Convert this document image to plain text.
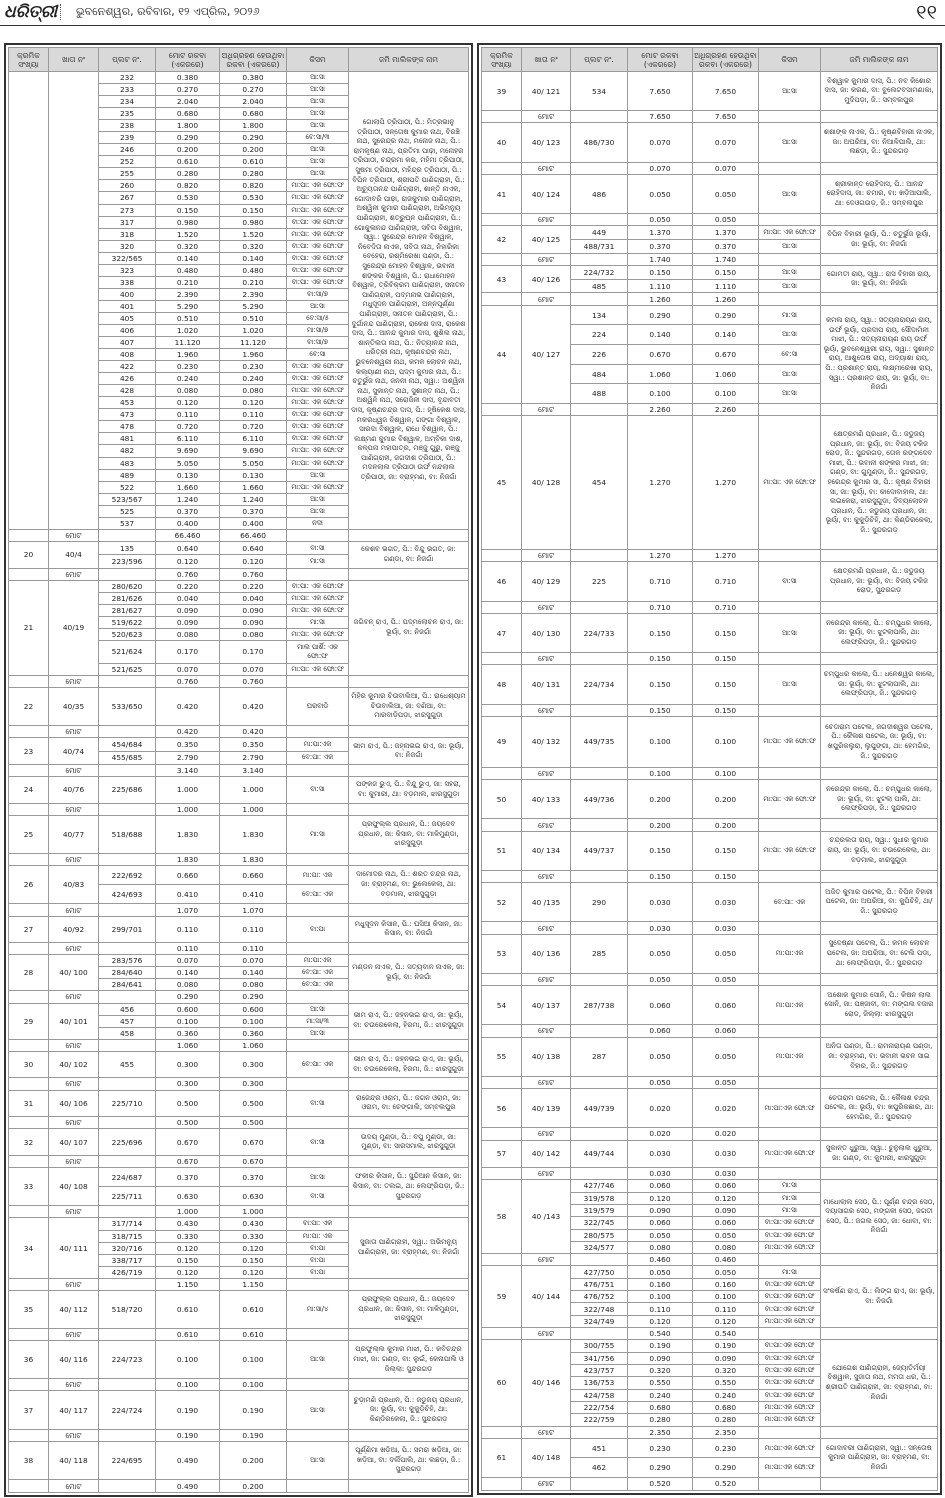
ଧରିତ୍ରୀ ଭୁବନେଶ୍ୱର, ରବିବାର, ୧୨ ଏପ୍ରିଲ, ୨୦୨୬	୧୧
କ୍ରମିକ ସଂଖ୍ୟା	ଖାତା ନଂ	ପ୍ଲଟ ନଂ.	ମୋଟ ରକବା (ଏକରରେ)	ଅଧିଗ୍ରହଣ ହେଉଥିବା ରକବା (ଏକରରେ)	କିସମ	ଜମି ମାଲିକଙ୍କ ନାମ
		232	0.380	0.380	ଆ:ସା	ଗୋଲାପି ତ୍ରିପାଠୀ, ପି.: ମିତ୍ରଭାନୁ ତ୍ରିପାଠୀ, ସନ୍ତୋଷ କୁମାର ନାଥ, ବିରଞ୍ଚି ନାଥ, ସୁରେନ୍ଦ୍ର ନାଥ, ମନୋଜ ନାଥ, ପି.: ରାମକୃଷ୍ଣ ନାଥ, ପ୍ରତିମା ପାଢ଼ୀ, ମନୋହର ତ୍ରିପାଠୀ, ଚନ୍ଦ୍ରମା କର, ମହିମା ତ୍ରିପାଠୀ, ସୁଷମା ତ୍ରିପାଠୀ, ମହିନ୍ଦ୍ର ତ୍ରିପାଠୀ, ପି.: ବିପିନ ତ୍ରିପାଠୀ, ଶ୍ରୀପତି ପାଣିଗ୍ରାହୀ, ପି.: ଅଚ୍ୟୁତାନନ୍ଦ ପାଣିଗ୍ରାହୀ, ଶାନ୍ତି ନାଏକ, ଗୋଦାବରି ପାଢ଼ୀ, ରାଜକୁମାର ପାଣିଗ୍ରାହୀ, ଅଶ୍ୱିନୀ କୁମାର ପାଣିଗ୍ରାହୀ, ଅଭିମନ୍ୟୁ ପାଣିଗ୍ରାହୀ, ଶତ୍ରୁଘ୍ନ ପାଣିଗ୍ରାହୀ, ପି.: ଗୋକୁଳାନନ୍ଦ ପାଣିଗ୍ରାହୀ, ସବିତା ବିଶ୍ୱାଳ, ସ୍ୱା.: ସୁରେନ୍ଦ୍ର ମୋହନ ବିଶ୍ୱାଳ, ନିବେଦିତା ନାଏକ, ସବିତା ନାଥ, ନିହାରିକା ବେହେରା, ରଶ୍ମିରେଖା ପଣ୍ଡା, ପି.: ସୁରେନ୍ଦ୍ର ମୋହନ ବିଶ୍ୱାଳ, ଭବାନୀ ଶଙ୍କର ବିଶ୍ୱାଳ, ପି.: ରାଧାମୋହନ ବିଶ୍ୱାଳ, ତ୍ରିବିକ୍ରମ ପାଣିଗ୍ରାହୀ, ସନାତନ ପାଣିଗ୍ରାହୀ, ପଦ୍ମନାଭ ପାଣିଗ୍ରାହୀ, ମଧୁସୂଦନ ପାଣିଗ୍ରାହୀ, ଅନ୍ନପୂର୍ଣ୍ଣା ପାଣିଗ୍ରାହୀ, ସନାତନ ପାଣିଗ୍ରାହୀ, ପି.: ଦୁର୍ଗାନନ୍ଦ ପାଣିଗ୍ରାହୀ, ରାକେଶ ଦାସ, ରାକେଶ ଦାସ, ପି.: ଆନନ୍ଦ କୁମାର ଦାସ, ଶୁଶିଲ ନାଥ, ଶାନ୍ତିଲତା ନାଥ, ପି.: ନିତ୍ୟାନନ୍ଦ ନାଥ, ଧରିତ୍ରୀ ନାଥ, କୃଷ୍ଣଚନ୍ଦ୍ର ନାଥ, ଭୁବନେଶ୍ୱରୀ ନାଥ, କମଳ ଲୋଚନ ନାଥ, କଲ୍ୟାଣୀ ନାଥ, ପଦ୍ମ କୁମାର ନାଥ, ପି.: ଚତୁର୍ଭୁଜ ନାଥ, ଜନନୀ ନାଥ, ସ୍ୱା.: ଅଶ୍ୱିନୀ ନାଥ, ସୁକାନ୍ତ ନାଥ, ସୁଶାନ୍ତ ନାଥ, ପି.: ଅଶ୍ୱିନି ନାଥ, ସରୋଜିନୀ ଦାସ, ବୃନ୍ଦାବତୀ ଦାସ, କୃଷ୍ଣଚନ୍ଦ୍ର ଦାସ, ପି.: ହୃଷିକେଶ ଦାସ, ମକରଧ୍ୱଜ ବିଶ୍ୱାଳ, ଗଙ୍ଗା ବିଶ୍ୱାଳ, ସାରଦା ବିଶ୍ୱାଳ, ରାଧେ ବିଶ୍ୱାଳ, ପି.: ଲକ୍ଷ୍ମଣ କୁମାର ବିଶ୍ୱାଳ, ଅମ୍ବିକା ଦାଶ, କଳ୍ପନା ମହାପାତ୍ର, ମଞ୍ଜୁ ଗୁରୁ, ରଞ୍ଜୁ ପାଣିଗ୍ରାହୀ, ଜଗଦୀଶ ତ୍ରିପାଠୀ, ପି.: ମଦନଲାଲ ତ୍ରିପାଠୀ ଉର୍ଫ ନନ୍ଦଲାଲ ତ୍ରିପାଠୀ, ଜା: ବ୍ରାହ୍ମଣ, ବା: ନିଜଗାଁ
		233	0.270	0.270	ଆ:ସା	
		234	2.040	2.040	ଆ:ସା	
		235	0.680	0.680	ଆ:ସା	
		238	1.800	1.800	ଆ:ସା	
		239	0.290	0.290	ବେ:ସା/୩	
		246	0.200	0.200	ଆ:ସା	
		252	0.610	0.610	ଆ:ସା	
		255	0.280	0.280	ଆ:ସା	
		260	0.820	0.820	ମା:ପା: ଏକ ଫୋ:ଫ	
		267	0.530	0.530	ମା:ପା: ଏକ ଫୋ:ଫ	
		273	0.150	0.150	ମା:ପା: ଏକ ଫୋ:ଫ	
		317	0.980	0.980	ବା:ପା: ଏକ ଫୋ:ଫ	
		318	1.520	1.520	ମା:ପା: ଏକ ଫୋ:ଫ	
		320	0.320	0.320	ବା:ପା: ଏକ ଫୋ:ଫ	
		322/565	0.140	0.140	ବା:ପା: ଏକ ଫୋ:ଫ	
		323	0.480	0.480	ବା:ପା: ଏକ ଫୋ:ଫ	
		338	0.210	0.210	ବା:ପା: ଏକ ଫୋ:ଫ	
		400	2.390	2.390	ବା:ସା/୭	
		401	5.290	5.290	ଆ:ସା	
		405	0.510	0.510	ବେ:ସା/୫	
		406	1.020	1.020	ମା:ସା/୭	
		407	11.120	11.120	ବା:ସା/୭	
		408	1.960	1.960	ବେ:ସା	
		422	0.230	0.230	ବା:ପା: ଏକ ଫୋ:ଫ	
		426	0.240	0.240	ବା:ପା: ଏକ ଫୋ:ଫ	
		428	0.080	0.080	ମା:ପା: ଏକ ଫୋ:ଫ	
		453	0.120	0.120	ମା:ପା: ଏକ ଫୋ:ଫ	
		473	0.110	0.110	ବା:ପା: ଏକ ଫୋ:ଫ	
		478	0.720	0.720	ବା:ପା: ଏକ ଫୋ:ଫ	
		481	6.110	6.110	ବା:ପା: ଏକ ଫୋ:ଫ	
		482	9.690	9.690	ମା:ପା: ଏକ ଫୋ:ଫ	
		483	5.050	5.050	ମା:ପା: ଏକ ଫୋ:ଫ	
		489	0.130	0.130	ଆ:ସା	
		522	1.660	1.660	ମା:ପା: ଏକ ଫୋ:ଫ	
		523/567	1.240	1.240	ଆ:ସା	
		525	0.370	0.370	ଆ:ସା	
		537	0.400	0.400	ନଦୀ	
	ମୋଟ		66.460	66.460		
20	40/4	135	0.640	0.640	ବା:ସା	କେଶବ ଭଗତ, ପି.: ବିନ୍ଦୁ ଭଗତ, ଜା: ଗଣ୍ଡା, ବା: ନିଜଗାଁ
		223/596	0.120	0.120	ମା:ସା	
	ମୋଟ		0.760	0.760		
21	40/19	280/620	0.220	0.220	ବା:ପା: ଏକ ଫୋ:ଫ	ଜଗିବନ୍ ରାଏ, ପି.: ପଦ୍ମଲୋଚନ ରାଏ, ଜା: ଭୂୟାଁ, ବା: ନିଜଗାଁ
		281/626	0.040	0.040	ମା:ପା: ଏକ ଫୋ:ଫ	
		281/627	0.090	0.090	ମା:ପା: ଏକ ଫୋ:ଫ	
		519/622	0.090	0.090	ମା:ସା	
		520/623	0.080	0.080	ମା:ପା: ଏକ ଫୋ:ଫ	
		521/624	0.170	0.170	ମାଲ ପାର୍ଶି: ଏକ ଫୋ:ଫ	
		521/625	0.070	0.070	ମା:ପା: ଏକ ଫୋ:ଫ	
	ମୋଟ		0.760	0.760		
22	40/35	533/650	0.420	0.420	ଘରବାଡି	ମିହିର କୁମାର ଚିଉବାଲିଆ, ପି.: ରାଧେଶ୍ୟାମ ଚିଉବାଲିଆ, ଜା: ବଣିଆ, ବା: ମାରବାଡ଼ିପଡ଼ା, ଝାରସୁଗୁଡ଼ା
	ମୋଟ		0.420	0.420		
23	40/74	454/684	0.350	0.350	ମା:ପା:ଏକ	ଭୀମ ରାଏ, ପି.: ଜହ୍ନାଭଇ ରାଏ, ଜା: ଭୂୟାଁ, ବା: ନିଜଗାଁ
		455/685	2.790	2.790	ବେ:ପା: ଏକ	
	ମୋଟ		3.140	3.140		
24	40/76	225/686	1.000	1.000	ବା:ସା	ପଙ୍କଜ ଭୁଏ, ପି.: ବିନ୍ଦୁ ଭୁଏ, ଜା: ସହରା, ବା: କୁମାରୀ, ଥା: ବଡ଼ମାଲ, ଝାରସୁଗୁଡ଼ା
	ମୋଟ		1.000	1.000		
25	40/77	518/688	1.830	1.830	ମା:ସା	ପ୍ରଫୁଲ୍ଲ ପ୍ରଧାନ, ପି.: ଜୟଦେବ ପ୍ରଧାନ, ଜା: କିସାନ, ବା: ମାଳିମୁଣ୍ଡା, ଝାରସୁଗୁଡ଼ା
	ମୋଟ		1.830	1.830		
26	40/83	222/692	0.660	0.660	ମା:ପା: ଏକ	ଦାମୋଦର ନାଥ, ପି.: ଶରତ ଚନ୍ଦ୍ର ନାଥ, ଜା: ବ୍ରାହ୍ମଣ, ବା: ଭୁଲେକେଲା, ଥା: ବଡ଼ମାଲ, ଝାରସୁଗୁଡ଼ା
		424/693	0.410	0.410	ବେ:ପା: ଏକ	
	ମୋଟ		1.070	1.070		
27	40/92	299/701	0.110	0.110	ବା:ପା	ମଧୁସୂଦନ କିସାନ, ପି.: ଘସିଆ କିସାନ, ଜା: କିସାନ, ବା: ନିଜଗାଁ
	ମୋଟ		0.110	0.110		
28	40/ 100	283/576	0.070	0.070	ମା:ପା:ଏକ	ମଣ୍ଡନ ନାଏକ, ପି.: ସତ୍ୟବାନ ନାଏକ, ଜା: ଭୂୟାଁ, ବା: ନିଜଗାଁ
		284/640	0.140	0.140	ବେ:ପା: ଏକ	
		284/641	0.080	0.080	ବେ:ପା: ଏକ	
	ମୋଟ		0.290	0.290		
29	40/ 101	456	0.600	0.600	ଆ:ସା	ଭୀମ ରାଏ, ପି.: ଜହ୍ନଭଇ ରାଏ, ଜା: ଭୂୟାଁ, ବା: ଚଉରେକେଲା, ହିରମା, ଜି.: ଝାରସୁଗୁଡ଼ା
		457	0.100	0.100	ମା:ସା/୩	
		458	0.360	0.360	ଆ:ସା	
	ମୋଟ		1.060	1.060		
30	40/ 102	455	0.300	0.300	ବେ:ପା: ଏକ	ଭୀମ ରାଏ, ପି.: ଜହ୍ନଭଇ ରାଏ, ଜା: ଭୂୟାଁ, ବା: ଚଉରେକେଲା, ହିରମା, ଜି.: ଝାରସୁଗୁଡ଼ା
	ମୋଟ		0.300	0.300		
31	40/ 106	225/710	0.500	0.500	ବା:ସା	ରାଜେନ୍ଦ୍ର ଓରାମ, ପି.: ଜଗନ ଓରାମ, ଜା: ଓରାମ, ବା: ଚେଙ୍ଗାଲି, ସମ୍ବଲପୁର
	ମୋଟ		0.500	0.500		
32	40/ 107	225/696	0.670	0.670	ବା:ସା	ଉଦୟ ମୁଣ୍ଡା, ପି.: ବପୁ ମୁଣ୍ଡା, ଜା: ମୁଣ୍ଡା, ବା: ସାରସମାଲ, ଝାରସୁଗୁଡ଼ା
	ମୋଟ		0.670	0.670		
33	40/ 108	224/687	0.370	0.370	ଆ:ସା	ଫକୀର କିସାନ, ପି.: ସୁନ୍ଦିଆନ କିସାନ, ଜା: କିସାନ, ବା: ତଲଇ, ଥା: ଲେଫ୍ରିପଡ଼ା, ଜି.: ସୁନ୍ଦରଗଡ଼
		225/711	0.630	0.630	ବା:ସା	
	ମୋଟ		1.000	1.000		
34	40/ 111	317/714	0.430	0.430	ବା:ପା: ଏକ	ସୁଜାତା ପାଣିଗ୍ରାହୀ, ସ୍ୱା.: ଅଭିମନ୍ୟୁ ପାଣିଗ୍ରାହୀ, ଜା: ବ୍ରାହ୍ମଣ, ବା: ନିଜଗାଁ
		318/715	0.330	0.330	ମା:ପା: ଏକ	
		320/716	0.120	0.120	ବା:ପା	
		338/717	0.150	0.150	ବା:ପା	
		426/719	0.120	0.120	ବା:ପା	
	ମୋଟ		1.150	1.150		
35	40/ 112	518/720	0.610	0.610	ମା:ସା/୪	ପ୍ରଫୁଲ୍ଲ ପ୍ରଧାନ, ପି.: ଜୟଦେବ ପ୍ରଧାନ, ଜା: କିସାନ, ବା: ମାଳିମୁଣ୍ଡା, ଝାରସୁଗୁଡ଼ା
	ମୋଟ		0.610	0.610		
36	40/ 116	224/723	0.100	0.100	ଆ:ସା	ପ୍ରଫୁଲ୍ଲ କୁମାର ମାଝୀ, ପି.: କବିଚନ୍ଦ୍ର ମାଝୀ, ଜା: ଗଣ୍ଡ, ବା: ଲୁଇଁ, କେନାପାଲି ଓ ଜିଲ୍ଲା: ସୁନ୍ଦରଗଡ଼
	ମୋଟ		0.100	0.100		
37	40/ 117	224/724	0.190	0.190	ଆ:ସା	ଚୁଡ଼ାମଣି ପ୍ରଧାନ, ପି.: ଜଡୁଜୟ ପ୍ରଧାନ, ଜା: ଭୂୟାଁ, ବା: କୁକୁଡ଼ିଚିହି, ଥା: କିଣ୍ଡିରକେଲା, ଜି.: ସୁନ୍ଦରଗଡ଼
	ମୋଟ		0.190	0.190		
38	40/ 118	224/695	0.490	0.200	ଆ:ସା	ପୂର୍ଣ୍ଣିମା ଖଡ଼ିଆ, ପି.: ସମରା ଖଡ଼ିଆ, ଜା: ଖଡ଼ିଆ, ବା: ଦର୍ଲିପାଲି, ଥା: ଲଛଡ଼ା, ଜି.: ସୁନ୍ଦରଗଡ଼
	ମୋଟ		0.490	0.200		
କ୍ରମିକ ସଂଖ୍ୟା	ଖାତା ନଂ	ପ୍ଲଟ ନଂ.	ମୋଟ ରକବା (ଏକରରେ)	ଅଧିଗ୍ରହଣ ହେଉଥିବା ରକବା (ଏକରରେ)	କିସମ	ଜମି ମାଲିକଙ୍କ ନାମ
39	40/ 121	534	7.650	7.650	ଆ:ସା	ବିଶ୍ୱାଳ କୁମାର ଦାସ, ପି.: ନବ କିଶୋର ଦାସ, ଜା: କରଣ, ବା: ବୁଲେଟବସାମଣାକା, ମୁଦିପଡ଼ା, ଜି.: ସମ୍ବଲପୁର
	ମୋଟ		7.650	7.650		
40	40/ 123	486/730	0.070	0.070	ଆ:ସା	ଶଶାଙ୍କ ନାଏକ, ପି.: କୃଷ୍ଣବିହାରୀ ନାଏକ, ଜା: ଅଘରିଆ, ବା: ନିଆଳିପାଲି, ଥା: ଲଛଡ଼ା, ଜି.: ସୁନ୍ଦରଗଡ଼
	ମୋଟ		0.070	0.070		
41	40/ 124	486	0.050	0.050	ଆ:ସା	ଶ୍ରୀକାନ୍ତ ରୋହିଦାସ, ପି.: ଆନନ୍ଦ ରୋହିଦାସ, ଜା: ଚମାର, ବା: ଖଡ଼ିଆପାଲି, ଥା: ଦେଓଗଉଡ଼, ଜି.: ସମ୍ବଲପୁର
	ମୋଟ		0.050	0.050		
42	40/ 125	449	1.370	1.370	ମା:ପା: ଏକ ଫୋ:ଫ	ବିପିନ ବିହାରୀ ଭୂୟାଁ, ପି.: ଚତୁର୍ଭୁଜ ଭୂୟାଁ, ଜା: ଭୂୟାଁ, ବା: ନିଜଗାଁ
		488/731	0.370	0.370	ଆ:ସା	
	ମୋଟ		1.740	1.740		
43	40/ 126	224/732	0.150	0.150	ଆ:ସା	ଗୋମତୀ ରାୟ, ସ୍ୱା.: ରାସ ବିହାରୀ ରାୟ, ଜା: ଭୂୟାଁ, ବା: ନିଜଗାଁ
		485	1.110	1.110	ଆ:ସା	
	ମୋଟ		1.260	1.260		
44	40/ 127	134	0.290	0.290	ମା:ସା	କମଳା ରାୟ, ସ୍ୱା.: ସତ୍ୟନାରାୟଣ ରାୟ, ଉର୍ଫ ଭୂୟାଁ, ପ୍ରଦୀପ ରାୟ, ସୌଦାମିନୀ ମାଝୀ, ପି.: ସତ୍ୟନାରାୟଣ ରାୟ ଉର୍ଫ ଭୂୟାଁ, ଭୁବନେଶ୍ୱରୀ ରାୟ, ସ୍ୱା.: ସୁଶାନ୍ତ ରାୟ, ଆଶୁତୋଷ ରାୟ, ଅଦ୍ୟାଶା ରାୟ, ପି.: ପ୍ରଶାନ୍ତ ରାୟ, ଲକ୍ଷ୍ମୀରେଖା ରାୟ, ସ୍ୱା.: ପ୍ରଶାନ୍ତ ରାୟ, ଜା: ଭୂୟାଁ, ବା: ନିଜଗାଁ
		224	0.140	0.140	ଆ:ସା	
		226	0.670	0.670	ବେ:ସା	
		484	1.060	1.060	ଆ:ସା	
		488	0.100	0.100	ଆ:ସା	
	ମୋଟ		2.260	2.260		
45	40/ 128	454	1.270	1.270	ମା:ପା: ଏକ ଫୋ:ଫ	କ୍ଷେତ୍ରମଣି ପ୍ରଧାନ, ପି.: ଜଡୁଜୟ ପ୍ରଧାନ, ଜା: ଭୂୟାଁ, ବା: ବିଜୟ ଟକିଜ ରୋଡ, ଜି.: ସୁନ୍ଦରଗଡ଼, ତୋଳ ରଙ୍ଗଦେବ ମାଝୀ, ପି.: ଭବାନୀ ଶଙ୍କର ମାଝୀ, ଜା: ଗଣ୍ଡ, ବା: ଗୁମୁଣ୍ଡା, ଜି.: ସୁନ୍ଦରଗଡ଼, ହରେନ୍ଦ୍ର କୁମାର ସା, ପି.: କୃଷ୍ଣ ବିହାରୀ ସା, ଜା: ଭୂୟାଁ, ବା: କାଦୋବାହାଲ, ଥା: ଲଇକେରା, ଝାରସୁଗୁଡ଼ା, ଦିବ୍ୟଲୋଚନ ପ୍ରଧାନ, ପି.: ଜଡୁଜୟ ପ୍ରଧାନ, ଜା: ଭୂୟାଁ, ବା: କୁକୁଡ଼ିଚିହି, ଥା: କିଣ୍ଡିରକେଲା, ଜି.: ସୁନ୍ଦରଗଡ଼
	ମୋଟ		1.270	1.270		
46	40/ 129	225	0.710	0.710	ବା:ସା	କ୍ଷେତ୍ରମଣି ପ୍ରଧାନ, ପି.: ଜଡୁଜୟ ପ୍ରଧାନ, ଜା: ଭୂୟାଁ, ବା: ବିଜୟ ଟକିଜ ରୋଡ, ସୁନ୍ଦରଗଡ଼
	ମୋଟ		0.710	0.710		
47	40/ 130	224/733	0.150	0.150	ଆ:ସା	ନରେନ୍ଦ୍ର କାଲୋ, ପି.: ଚମ୍ପୁଧର କାଲୋ, ଜା: ଭୂୟାଁ, ବା: ଝୁଟଲାପାଲି, ଥା: ଲେଫ୍ରିପଡ଼ା, ଜି.: ସୁନ୍ଦରଗଡ଼
	ମୋଟ		0.150	0.150		
48	40/ 131	224/734	0.150	0.150	ଆ:ସା	ଚମ୍ପୁଧର କାଲୋ, ପି.: ଧନେଶ୍ୱର କାଲୋ, ଜା: ଭୂୟାଁ, ବା: ଝୁଟଲାପାଲି, ଥା: ଲେଫ୍ରିପଡ଼ା, ଜି.: ସୁନ୍ଦରଗଡ଼
	ମୋଟ		0.150	0.150		
49	40/ 132	449/735	0.100	0.100	ମା:ପା: ଏକ ଫୋ:ଫ	ଚେତାରାମ ପଟେଲ, ଜଗଦୀଶ୍ୱର ପଟେଲ, ପି.: କୈଳାଶ ପଟେଲ, ଜା: ଭୂୟାଁ, ବା: ଖପୁରିକଲୁରା, ଲୁପୁଙ୍ଗା, ଥା: ହେମଗିର, ଜି.: ସୁନ୍ଦରଗଡ଼
	ମୋଟ		0.100	0.100		
50	40/ 133	449/736	0.200	0.200	ମା:ପା: ଏକ ଫୋ:ଫ	ନରେନ୍ଦ୍ର କାଲୋ, ପି.: ଚମ୍ପୁଧର କାଲୋ, ଜା: ଭୂୟାଁ, ବା: ଝୁଟଲା ପାଲି, ଥା: ଲେଫ୍ରିପଡ଼ା, ଜି.: ସୁନ୍ଦରଗଡ଼
	ମୋଟ		0.200	0.200		
51	40/ 134	449/737	0.150	0.150	ମା:ପା: ଏକ ଫୋ:ଫ	ଚନ୍ଦ୍ରଲତା ରାୟ, ସ୍ୱା.: ସୁଧୀର କୁମାର ରାୟ, ଜା: ଭୂୟାଁ, ବା: ଚଉରେକେଲା, ଥା: ବଡ଼ମାଲ, ଝାରସୁଗୁଡ଼ା
	ମୋଟ		0.150	0.150		
52	40 /135	290	0.030	0.030	ବେ:ପା: ଏକ	ଅଜିତ କୁମାର ପଟେଲ, ପି.: ବିପିନ ବିହାରୀ ପଟେଲ, ଜା: ଅଘରିଆ, ବା: କୁପିଚିହି, ଥା/ଜି.: ସୁନ୍ଦରଗଡ଼
	ମୋଟ		0.030	0.030		
53	40/ 136	285	0.050	0.050	ମା:ପା:ଏକ	ସୁଦେଷ୍ଣା ପଟେଲ, ପି.: କମଳ ଲୋଚନ ପଟେଲ, ଜା: ଅଘରିଆ, ବା: ଟେଲି ପଡ଼ା, ଥା: ଲେଫ୍ରିପଡ଼ା, ଜି.: ସୁନ୍ଦରଗଡ଼
	ମୋଟ		0.050	0.050		
54	40/ 137	287/738	0.060	0.060	ମା:ପା:ଏକ	ଅଶୋକ କୁମାର ସୋନି, ପି.: କିଷନ ଲାଲ ସୋନି, ଜା: ପଞ୍ଜାବୀ, ବା: ମଙ୍ଗଲ ବଜାର ରୋଡ, ଜିଲ୍ଲା: ଝାରସୁଗୁଡ଼ା
	ମୋଟ		0.060	0.060		
55	40/ 138	287	0.050	0.050	ମା:ପା:ଏକ	ଅନିତା ପଣ୍ଡା, ପି.: ରାମନାରାୟଣ ପଣ୍ଡା, ଜା: ବ୍ରାହ୍ମଣ, ବା: ଭବାନୀ ଭବନ ସାଇ ବିହାର, ଜି.: ସୁନ୍ଦରଗଡ଼
	ମୋଟ		0.050	0.050		
56	40/ 139	449/739	0.020	0.020	ମା:ପା:ଏକ ଫୋ:ଫ	ଚେତାରାମ ପଟେଲ, ପି.: କୈଳାଶ ଚନ୍ଦ୍ର ପଟେଲ, ଜା: ଭୂୟାଁ, ବା: ଖପୁରିକଛାର, ଥା: ହେମଗିର, ଜି.: ସୁନ୍ଦରଗଡ଼
	ମୋଟ		0.020	0.020		
57	40/ 142	449/744	0.030	0.030	ମା:ପା:ଏକ ଫୋ:ଫ	ସୁକାନ୍ତ ଧୁରୁଆ, ସ୍ୱା.: ଚୁନୁଲାଲ ଧୁରୁଆ, ଜା: ଗଣ୍ଡ, ବା: କୁମାରୀ, ଝାରସୁଗୁଡ଼ା
	ମୋଟ		0.030	0.030		
58	40 /143	427/746	0.060	0.060	ମା:ସା	ମାଧୋଲାଲ ସେଠ, ପି.: ପୂର୍ଣ୍ଣ ଚନ୍ଦ୍ର ସେଠ, ଦୟାସାଗର ସେଠ, ମଙ୍ଗଳୀ ସେଠ, ଜଗତୀ ସେଠ, ପି.: ଜଗଲ ସେଠ, ଜା: ଧୋବା, ବା: ନିଜଗାଁ
		319/578	0.120	0.120	ମା:ସା	
		319/579	0.090	0.090	ମା:ସା	
		322/745	0.060	0.060	ବା:ପା:ଏକ ଫୋ:ଫ	
		280/575	0.050	0.050	ବା:ପା:ଏକ ଫୋ:ଫ	
		324/577	0.080	0.080	ମା:ପା:ଏକ ଫୋ:ଫ	
	ମୋଟ		0.460	0.460		
59	40/ 144	427/750	0.050	0.050	ମା:ସା	ସଂକର୍ଷଣ ରାଏ, ପି.: ଲିଙ୍ଗ ରାଏ, ଜା: ଭୂୟାଁ, ବା: ନିଜଗାଁ
		476/751	0.160	0.160	ବା:ପା:ଏକ ଫୋ:ଫ	
		476/752	0.100	0.100	ବା:ପା:ଏକ ଫୋ:ଫ	
		322/748	0.110	0.110	ବା:ପା:ଏକ ଫୋ:ଫ	
		324/749	0.120	0.120	ମା:ପା:ଏକ ଫୋ:ଫ	
	ମୋଟ		0.540	0.540		
60	40/ 146	300/755	0.190	0.190	ବା:ପା:ଏକ ଫୋ:ଫ	ଯୋଗେଶ ପାଣିଗ୍ରାହୀ, ଜ୍ୟୋତିର୍ମୟୀ ବିଶ୍ୱାଳ, ସୁଜାତା ନାଥ, ମମତା ଧର, ପି.: ଶ୍ରୀପତି ପାଣିଗ୍ରାହୀ, ଜା: ବ୍ରାହ୍ମଣ, ବା: ନିଜଗାଁ
		341/756	0.090	0.090	ବା:ପା:ଏକ ଫୋ:ଫ	
		423/757	0.320	0.320	ବା:ପା:ଏକ ଫୋ:ଫ	
		136/753	0.550	0.550	ବା:ପା:ଏକ ଫୋ:ଫ	
		424/758	0.240	0.240	ବା:ପା:ଏକ ଫୋ:ଫ	
		222/754	0.680	0.680	ମା:ପା:ଏକ ଫୋ:ଫ	
		222/759	0.280	0.280	ମା:ପା:ଏକ ଫୋ:ଫ	
	ମୋଟ		2.350	2.350		
61	40/ 148	451	0.230	0.230	ମା:ପା:ଏକ ଫୋ:ଫ	ଗୋଦାବରୀ ପାଣିଗ୍ରାହୀ, ସ୍ୱା.: ସନ୍ତୋଷ କୁମାର ପାଣିଗ୍ରାହୀ, ଜା: ବ୍ରାହ୍ମଣ, ବା: ନିଜଗାଁ
		462	0.290	0.290	ମା:ପା:ଏକ ଫୋ:ଫ	
	ମୋଟ		0.520	0.520		
